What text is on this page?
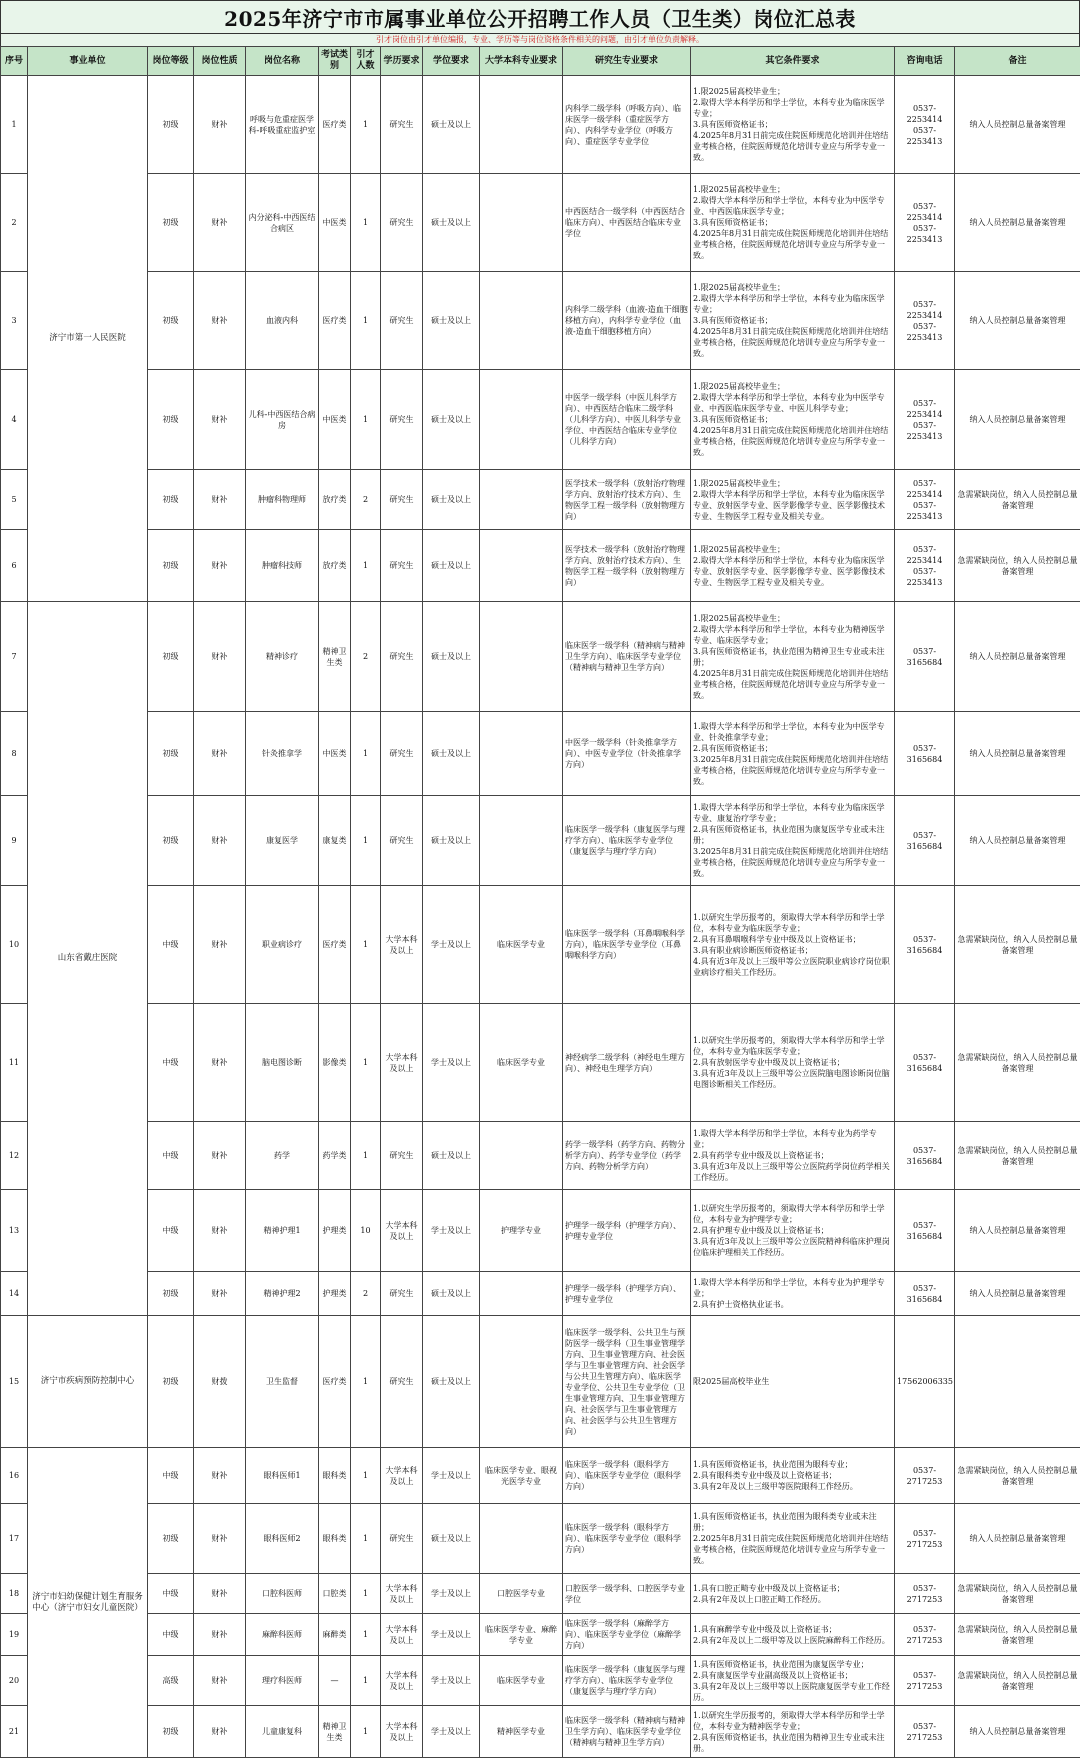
2025年济宁市市属事业单位公开招聘工作人员（卫生类）岗位汇总表
引才岗位由引才单位编报，专业、学历等与岗位资格条件相关的问题，由引才单位负责解释。
序号	事业单位	岗位等级	岗位性质	岗位名称	考试类别	引才人数	学历要求	学位要求	大学本科专业要求	研究生专业要求	其它条件要求	咨询电话	备注
1	济宁市第一人民医院	初级	财补	呼吸与危重症医学科-呼吸重症监护室	医疗类	1	研究生	硕士及以上		内科学二级学科（呼吸方向）、临床医学一级学科（重症医学方向）、内科学专业学位（呼吸方向）、重症医学专业学位	1.限2025届高校毕业生；
2.取得大学本科学历和学士学位，本科专业为临床医学专业；
3.具有医师资格证书；
4.2025年8月31日前完成住院医师规范化培训并住培结业考核合格，住院医师规范化培训专业应与所学专业一致。	0537-2253414
0537-2253413	纳入人员控制总量备案管理
2		初级	财补	内分泌科-中西医结合病区	中医类	1	研究生	硕士及以上		中西医结合一级学科（中西医结合临床方向）、中西医结合临床专业学位	1.限2025届高校毕业生；
2.取得大学本科学历和学士学位，本科专业为中医学专业、中西医临床医学专业；
3.具有医师资格证书；
4.2025年8月31日前完成住院医师规范化培训并住培结业考核合格，住院医师规范化培训专业应与所学专业一致。	0537-2253414
0537-2253413	纳入人员控制总量备案管理
3		初级	财补	血液内科	医疗类	1	研究生	硕士及以上		内科学二级学科（血液-造血干细胞移植方向），内科学专业学位（血液-造血干细胞移植方向）	1.限2025届高校毕业生；
2.取得大学本科学历和学士学位，本科专业为临床医学专业；
3.具有医师资格证书；
4.2025年8月31日前完成住院医师规范化培训并住培结业考核合格，住院医师规范化培训专业应与所学专业一致。	0537-2253414
0537-2253413	纳入人员控制总量备案管理
4		初级	财补	儿科-中西医结合病房	中医类	1	研究生	硕士及以上		中医学一级学科（中医儿科学方向）、中西医结合临床二级学科（儿科学方向）、中医儿科学专业学位、中西医结合临床专业学位（儿科学方向）	1.限2025届高校毕业生；
2.取得大学本科学历和学士学位，本科专业为中医学专业、中西医临床医学专业、中医儿科学专业；
3.具有医师资格证书；
4.2025年8月31日前完成住院医师规范化培训并住培结业考核合格，住院医师规范化培训专业应与所学专业一致。	0537-2253414
0537-2253413	纳入人员控制总量备案管理
5		初级	财补	肿瘤科物理师	放疗类	2	研究生	硕士及以上		医学技术一级学科（放射治疗物理学方向、放射治疗技术方向）、生物医学工程一级学科（放射物理方向）	1.限2025届高校毕业生；
2.取得大学本科学历和学士学位，本科专业为临床医学专业、放射医学专业、医学影像学专业、医学影像技术专业、生物医学工程专业及相关专业。	0537-2253414
0537-2253413	急需紧缺岗位，纳入人员控制总量备案管理
6		初级	财补	肿瘤科技师	放疗类	1	研究生	硕士及以上		医学技术一级学科（放射治疗物理学方向、放射治疗技术方向）、生物医学工程一级学科（放射物理方向）	1.限2025届高校毕业生；
2.取得大学本科学历和学士学位，本科专业为临床医学专业、放射医学专业、医学影像学专业、医学影像技术专业、生物医学工程专业及相关专业。	0537-2253414
0537-2253413	急需紧缺岗位，纳入人员控制总量备案管理
7	山东省戴庄医院	初级	财补	精神诊疗	精神卫生类	2	研究生	硕士及以上		临床医学一级学科（精神病与精神卫生学方向）、临床医学专业学位（精神病与精神卫生学方向）	1.限2025届高校毕业生；
2.取得大学本科学历和学士学位，本科专业为精神医学专业、临床医学专业；
3.具有医师资格证书，执业范围为精神卫生专业或未注册；
4.2025年8月31日前完成住院医师规范化培训并住培结业考核合格，住院医师规范化培训专业应与所学专业一致。	0537-3165684	纳入人员控制总量备案管理
8		初级	财补	针灸推拿学	中医类	1	研究生	硕士及以上		中医学一级学科（针灸推拿学方向）、中医专业学位（针灸推拿学方向）	1.取得大学本科学历和学士学位，本科专业为中医学专业、针灸推拿学专业；
2.具有医师资格证书；
3.2025年8月31日前完成住院医师规范化培训并住培结业考核合格，住院医师规范化培训专业应与所学专业一致。	0537-3165684	纳入人员控制总量备案管理
9		初级	财补	康复医学	康复类	1	研究生	硕士及以上		临床医学一级学科（康复医学与理疗学方向）、临床医学专业学位（康复医学与理疗学方向）	1.取得大学本科学历和学士学位，本科专业为临床医学专业、康复治疗学专业；
2.具有医师资格证书，执业范围为康复医学专业或未注册；
3.2025年8月31日前完成住院医师规范化培训并住培结业考核合格，住院医师规范化培训专业应与所学专业一致。	0537-3165684	纳入人员控制总量备案管理
10		中级	财补	职业病诊疗	医疗类	1	大学本科及以上	学士及以上	临床医学专业	临床医学一级学科（耳鼻咽喉科学方向），临床医学专业学位（耳鼻咽喉科学方向）	1.以研究生学历报考的，须取得大学本科学历和学士学位，本科专业为临床医学专业；
2.具有耳鼻咽喉科学专业中级及以上资格证书；
3.具有职业病诊断医师资格证书；
4.具有近3年及以上三级甲等公立医院职业病诊疗岗位职业病诊疗相关工作经历。	0537-3165684	急需紧缺岗位，纳入人员控制总量备案管理
11		中级	财补	脑电图诊断	影像类	1	大学本科及以上	学士及以上	临床医学专业	神经病学二级学科（神经电生理方向）、神经电生理学方向）	1.以研究生学历报考的，须取得大学本科学历和学士学位，本科专业为临床医学专业；
2.具有放射医学专业中级及以上资格证书；
3.具有近3年及以上三级甲等公立医院脑电图诊断岗位脑电图诊断相关工作经历。	0537-3165684	急需紧缺岗位，纳入人员控制总量备案管理
12		中级	财补	药学	药学类	1	研究生	硕士及以上		药学一级学科（药学方向、药物分析学方向）、药学专业学位（药学方向、药物分析学方向）	1.取得大学本科学历和学士学位，本科专业为药学专业；
2.具有药学专业中级及以上资格证书；
3.具有近3年及以上三级甲等公立医院药学岗位药学相关工作经历。	0537-3165684	急需紧缺岗位，纳入人员控制总量备案管理
13		中级	财补	精神护理1	护理类	10	大学本科及以上	学士及以上	护理学专业	护理学一级学科（护理学方向）、护理专业学位	1.以研究生学历报考的，须取得大学本科学历和学士学位，本科专业为护理学专业；
2.具有护理专业中级及以上资格证书；
3.具有近3年及以上三级甲等公立医院精神科临床护理岗位临床护理相关工作经历。	0537-3165684	纳入人员控制总量备案管理
14		初级	财补	精神护理2	护理类	2	研究生	硕士及以上		护理学一级学科（护理学方向）、护理专业学位	1.取得大学本科学历和学士学位，本科专业为护理学专业；
2.具有护士资格执业证书。	0537-3165684	纳入人员控制总量备案管理
15	济宁市疾病预防控制中心	初级	财拨	卫生监督	医疗类	1	研究生	硕士及以上		临床医学一级学科、公共卫生与预防医学一级学科（卫生事业管理学方向、卫生事业管理方向、社会医学与卫生事业管理方向、社会医学与公共卫生管理方向）、临床医学专业学位、公共卫生专业学位（卫生事业管理方向、卫生事业管理方向、社会医学与卫生事业管理方向、社会医学与公共卫生管理方向）	限2025届高校毕业生	17562006335	
16	济宁市妇幼保健计划生育服务中心（济宁市妇女儿童医院）	中级	财补	眼科医师1	眼科类	1	大学本科及以上	学士及以上	临床医学专业、眼视光医学专业	临床医学一级学科（眼科学方向）、临床医学专业学位（眼科学方向）	1.具有医师资格证书，执业范围为眼科专业；
2.具有眼科类专业中级及以上资格证书；
3.具有2年及以上三级甲等医院眼科工作经历。	0537-2717253	急需紧缺岗位，纳入人员控制总量备案管理
17		初级	财补	眼科医师2	眼科类	1	研究生	硕士及以上		临床医学一级学科（眼科学方向）、临床医学专业学位（眼科学方向）	1.具有医师资格证书，执业范围为眼科类专业或未注册；
2.2025年8月31日前完成住院医师规范化培训并住培结业考核合格，住院医师规范化培训专业应与所学专业一致。	0537-2717253	纳入人员控制总量备案管理
18		中级	财补	口腔科医师	口腔类	1	大学本科及以上	学士及以上	口腔医学专业	口腔医学一级学科、口腔医学专业学位	1.具有口腔正畸专业中级及以上资格证书；
2.具有2年及以上口腔正畸工作经历。	0537-2717253	急需紧缺岗位，纳入人员控制总量备案管理
19		中级	财补	麻醉科医师	麻醉类	1	大学本科及以上	学士及以上	临床医学专业、麻醉学专业	临床医学一级学科（麻醉学方向）、临床医学专业学位（麻醉学方向）	1.具有麻醉学专业中级及以上资格证书；
2.具有2年及以上二级甲等及以上医院麻醉科工作经历。	0537-2717253	急需紧缺岗位，纳入人员控制总量备案管理
20		高级	财补	理疗科医师	—	1	大学本科及以上	学士及以上	临床医学专业	临床医学一级学科（康复医学与理疗学方向）、临床医学专业学位（康复医学与理疗学方向）	1.具有医师资格证书，执业范围为康复医学专业；
2.具有康复医学专业副高级及以上资格证书；
3.具有2年及以上三级甲等以上医院康复医学专业工作经历。	0537-2717253	急需紧缺岗位，纳入人员控制总量备案管理
21		初级	财补	儿童康复科	精神卫生类	1	大学本科及以上	学士及以上	精神医学专业	临床医学一级学科（精神病与精神卫生学方向）、临床医学专业学位（精神病与精神卫生学方向）	1.以研究生学历报考的，须取得大学本科学历和学士学位，本科专业为精神医学专业；
2.具有医师资格证书，执业范围为精神卫生专业或未注册。	0537-2717253	纳入人员控制总量备案管理
